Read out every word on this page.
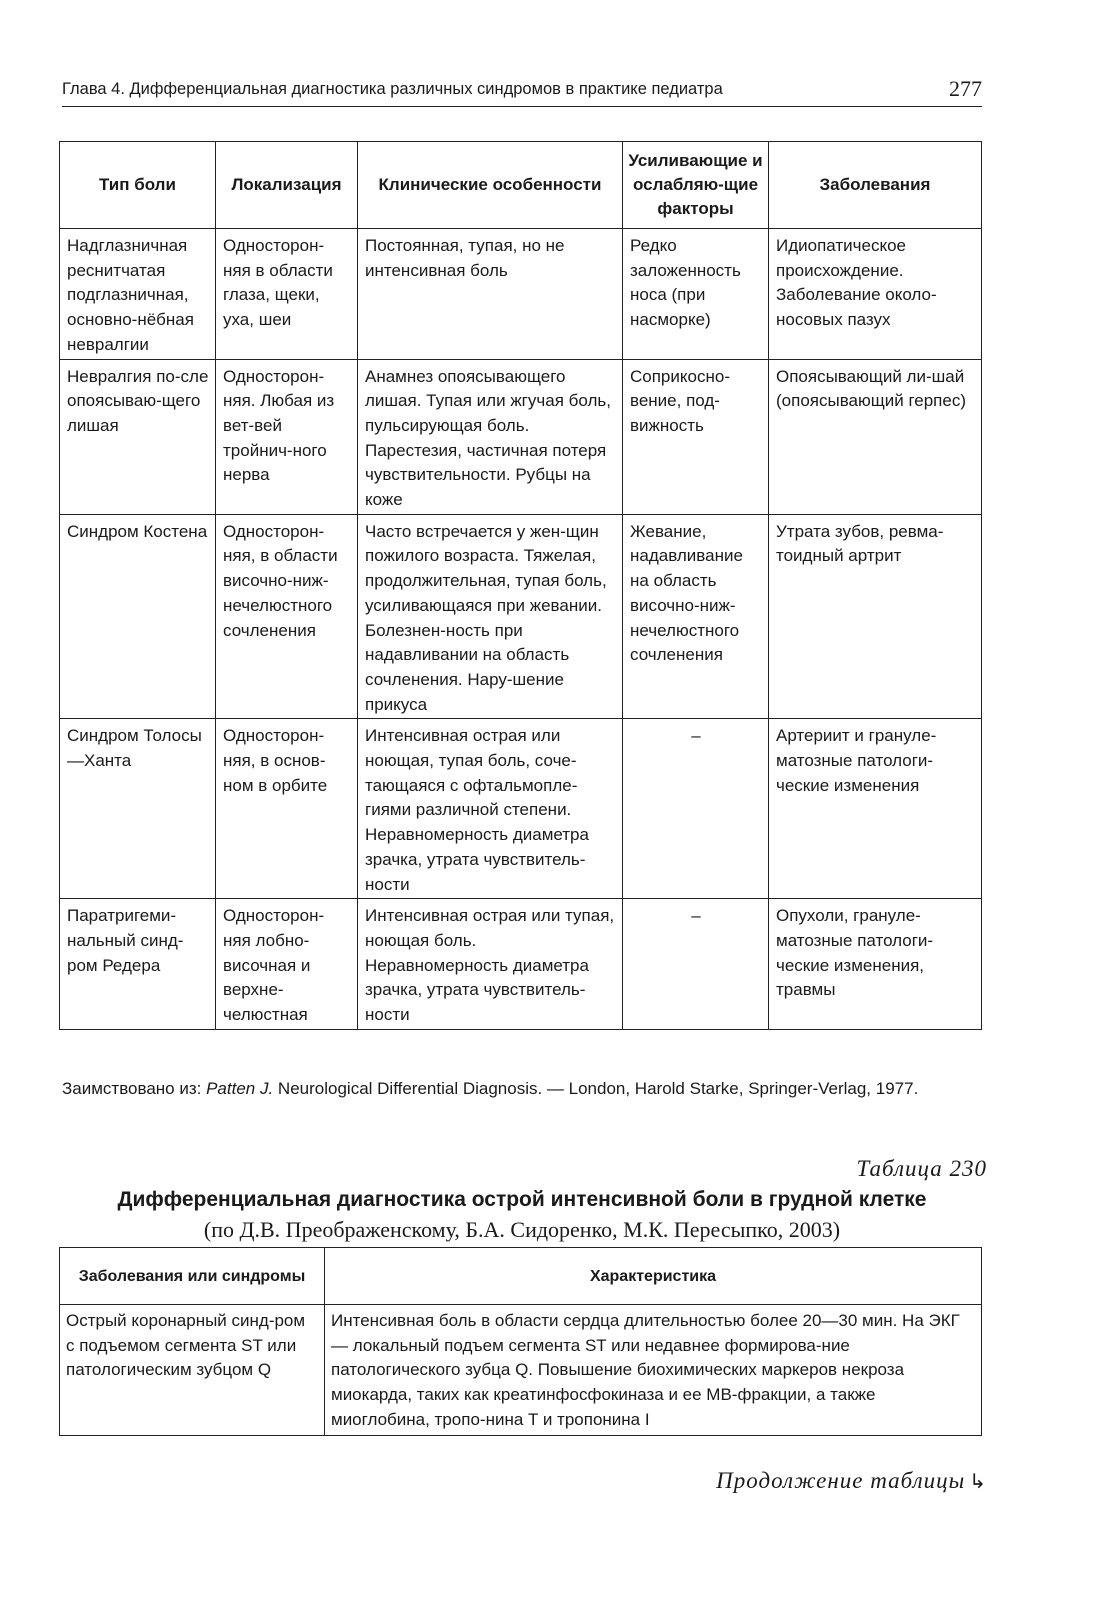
Глава 4. Дифференциальная диагностика различных синдромов в практике педиатра	277
Тип боли	Локализация	Клинические особенности	Усиливающие и ослабляю-щие факторы	Заболевания
Надглазничная реснитчатая подглазничная, основно-нёбная невралгии	Односторон-няя в области глаза, щеки, уха, шеи	Постоянная, тупая, но не интенсивная боль	Редко заложенность носа (при насморке)	Идиопатическое происхождение. Заболевание около-носовых пазух
Невралгия по-сле опоясываю-щего лишая	Односторон-няя. Любая из вет-вей тройнич-ного нерва	Анамнез опоясывающего лишая. Тупая или жгучая боль, пульсирующая боль. Парестезия, частичная потеря чувствительности. Рубцы на коже	Соприкосно-вение, под-вижность	Опоясывающий ли-шай (опоясывающий герпес)
Синдром Костена	Односторон-няя, в области височно-ниж-нечелюстного сочленения	Часто встречается у жен-щин пожилого возраста. Тяжелая, продолжительная, тупая боль, усиливающаяся при жевании. Болезнен-ность при надавливании на область сочленения. Нару-шение прикуса	Жевание, надавливание на область височно-ниж-нечелюстного сочленения	Утрата зубов, ревма-тоидный артрит
Синдром Толосы—Ханта	Односторон-няя, в основ-ном в орбите	Интенсивная острая или ноющая, тупая боль, соче-тающаяся с офтальмопле-гиями различной степени. Неравномерность диаметра зрачка, утрата чувствитель-ности	–	Артериит и грануле-матозные патологи-ческие изменения
Паратригеми-нальный синд-ром Редера	Односторон-няя лобно-височная и верхне-челюстная	Интенсивная острая или тупая, ноющая боль. Неравномерность диаметра зрачка, утрата чувствитель-ности	–	Опухоли, грануле-матозные патологи-ческие изменения, травмы
Заимствовано из: Patten J. Neurological Differential Diagnosis. — London, Harold Starke, Springer-Verlag, 1977.
Таблица 230
Дифференциальная диагностика острой интенсивной боли в грудной клетке
(по Д.В. Преображенскому, Б.А. Сидоренко, М.К. Пересыпко, 2003)
Заболевания или синдромы	Характеристика
Острый коронарный синд-ром с подъемом сегмента ST или патологическим зубцом Q	Интенсивная боль в области сердца длительностью более 20—30 мин. На ЭКГ — локальный подъем сегмента ST или недавнее формирова-ние патологического зубца Q. Повышение биохимических маркеров некроза миокарда, таких как креатинфосфокиназа и ее MB-фракции, а также миоглобина, тропо-нина T и тропонина I
Продолжение таблицы ↳
